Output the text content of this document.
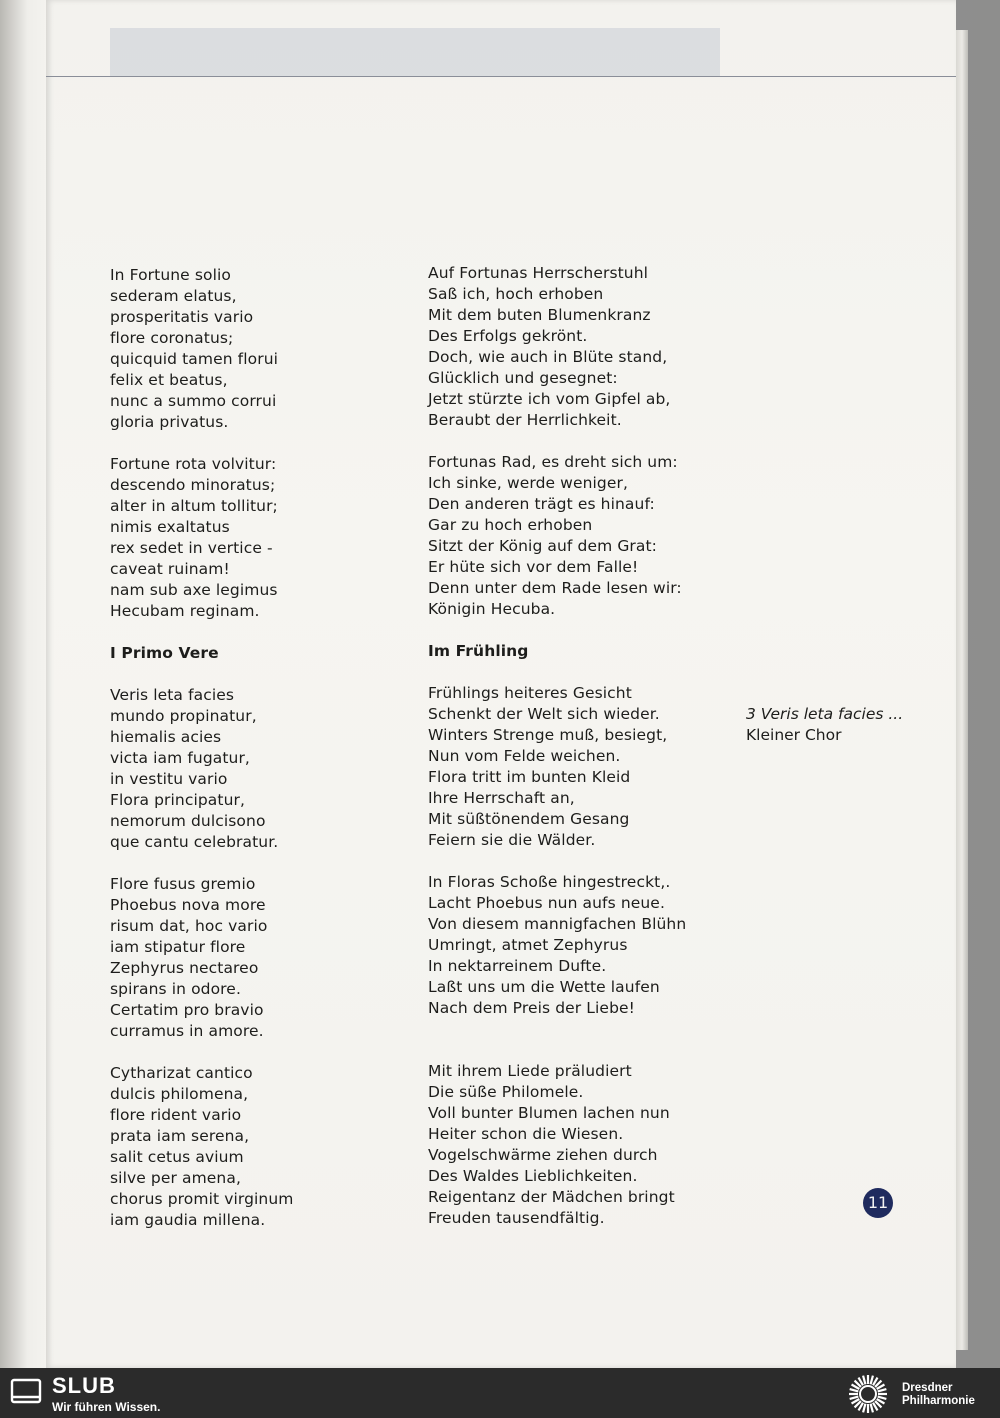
In Fortune solio
sederam elatus,
prosperitatis vario
flore coronatus;
quicquid tamen florui
felix et beatus,
nunc a summo corrui
gloria privatus.

Fortune rota volvitur:
descendo minoratus;
alter in altum tollitur;
nimis exaltatus
rex sedet in vertice -
caveat ruinam!
nam sub axe legimus
Hecubam reginam.

I Primo Vere

Veris leta facies
mundo propinatur,
hiemalis acies
victa iam fugatur,
in vestitu vario
Flora principatur,
nemorum dulcisono
que cantu celebratur.

Flore fusus gremio
Phoebus nova more
risum dat, hoc vario
iam stipatur flore
Zephyrus nectareo
spirans in odore.
Certatim pro bravio
curramus in amore.

Cytharizat cantico
dulcis philomena,
flore rident vario
prata iam serena,
salit cetus avium
silve per amena,
chorus promit virginum
iam gaudia millena.

Auf Fortunas Herrscherstuhl
Saß ich, hoch erhoben
Mit dem buten Blumenkranz
Des Erfolgs gekrönt.
Doch, wie auch in Blüte stand,
Glücklich und gesegnet:
Jetzt stürzte ich vom Gipfel ab,
Beraubt der Herrlichkeit.

Fortunas Rad, es dreht sich um:
Ich sinke, werde weniger,
Den anderen trägt es hinauf:
Gar zu hoch erhoben
Sitzt der König auf dem Grat:
Er hüte sich vor dem Falle!
Denn unter dem Rade lesen wir:
Königin Hecuba.

Im Frühling

Frühlings heiteres Gesicht
Schenkt der Welt sich wieder.
Winters Strenge muß, besiegt,
Nun vom Felde weichen.
Flora tritt im bunten Kleid
Ihre Herrschaft an,
Mit süßtönendem Gesang
Feiern sie die Wälder.

In Floras Schoße hingestreckt,.
Lacht Phoebus nun aufs neue.
Von diesem mannigfachen Blühn
Umringt, atmet Zephyrus
In nektarreinem Dufte.
Laßt uns um die Wette laufen
Nach dem Preis der Liebe!

Mit ihrem Liede präludiert
Die süße Philomele.
Voll bunter Blumen lachen nun
Heiter schon die Wiesen.
Vogelschwärme ziehen durch
Des Waldes Lieblichkeiten.
Reigentanz der Mädchen bringt
Freuden tausendfältig.

3 Veris leta facies ...
Kleiner Chor
11
SLUB
Wir führen Wissen.
Dresdner
Philharmonie
